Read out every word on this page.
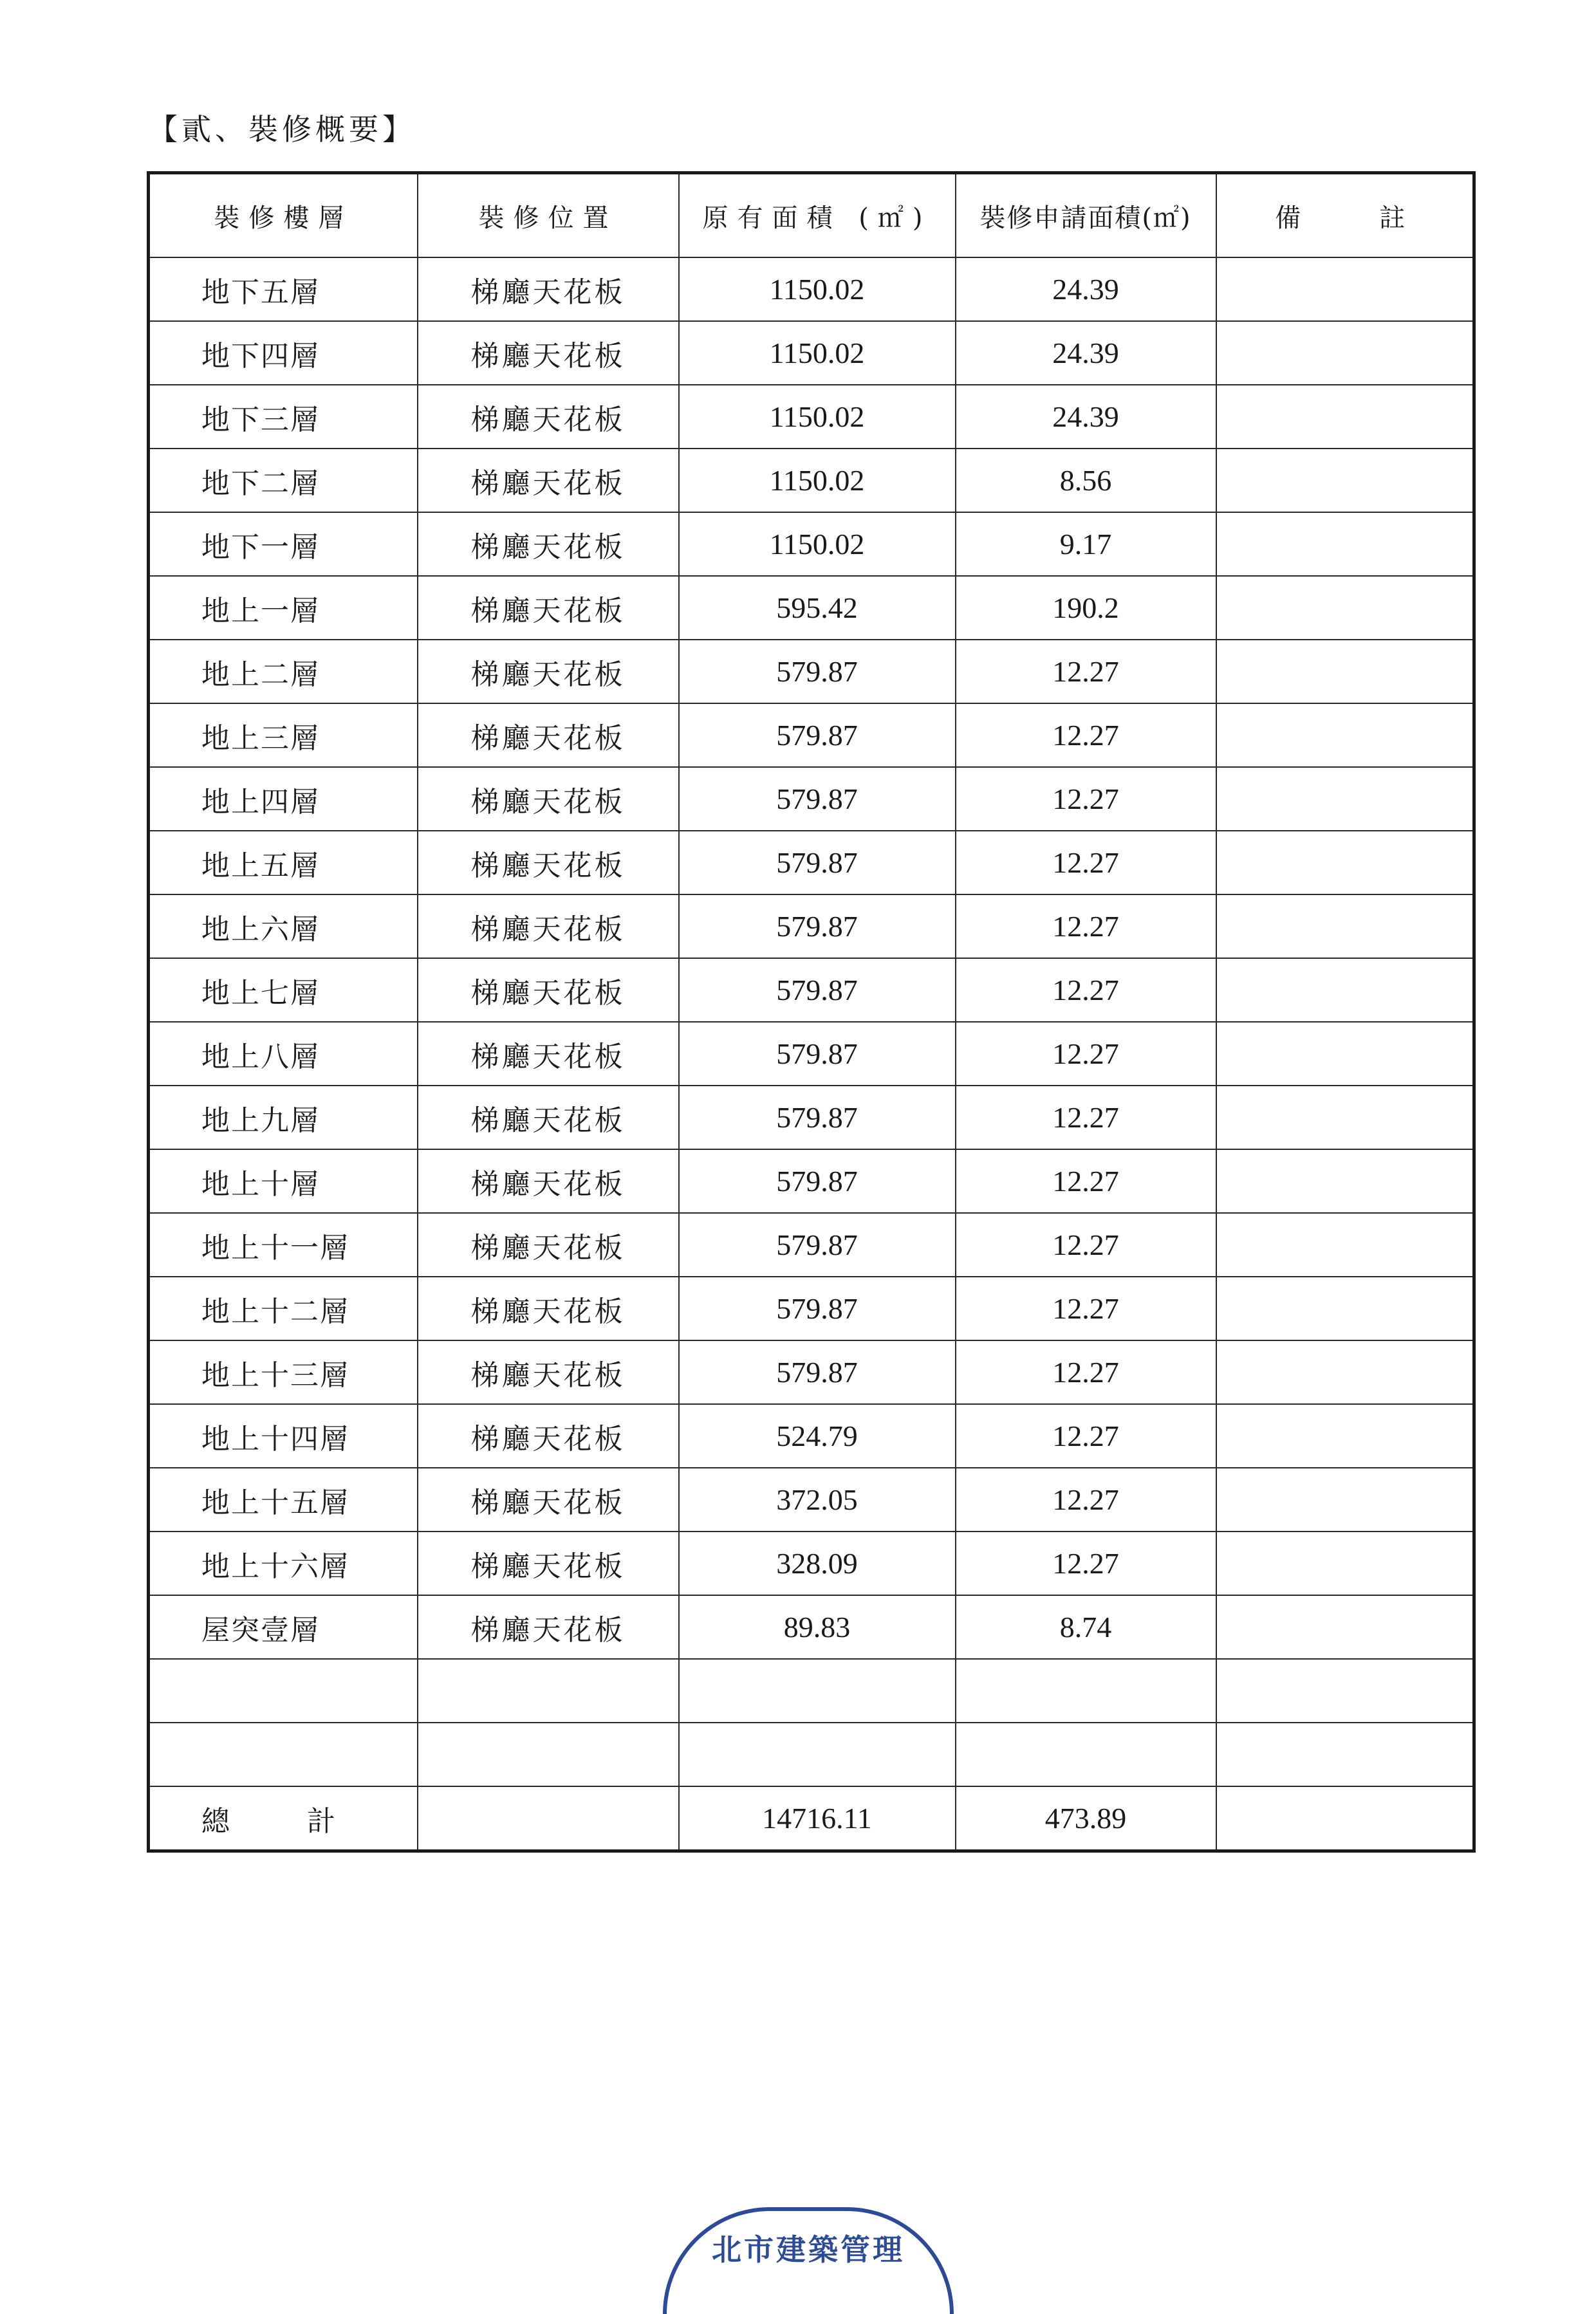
【貳、裝修概要】
裝修樓層	裝修位置	原有面積 (㎡)	裝修申請面積(㎡)	備　　註
地下五層	梯廳天花板	1150.02	24.39	
地下四層	梯廳天花板	1150.02	24.39	
地下三層	梯廳天花板	1150.02	24.39	
地下二層	梯廳天花板	1150.02	8.56	
地下一層	梯廳天花板	1150.02	9.17	
地上一層	梯廳天花板	595.42	190.2	
地上二層	梯廳天花板	579.87	12.27	
地上三層	梯廳天花板	579.87	12.27	
地上四層	梯廳天花板	579.87	12.27	
地上五層	梯廳天花板	579.87	12.27	
地上六層	梯廳天花板	579.87	12.27	
地上七層	梯廳天花板	579.87	12.27	
地上八層	梯廳天花板	579.87	12.27	
地上九層	梯廳天花板	579.87	12.27	
地上十層	梯廳天花板	579.87	12.27	
地上十一層	梯廳天花板	579.87	12.27	
地上十二層	梯廳天花板	579.87	12.27	
地上十三層	梯廳天花板	579.87	12.27	
地上十四層	梯廳天花板	524.79	12.27	
地上十五層	梯廳天花板	372.05	12.27	
地上十六層	梯廳天花板	328.09	12.27	
屋突壹層	梯廳天花板	89.83	8.74	

總計		14716.11	473.89	
北市建築管理
